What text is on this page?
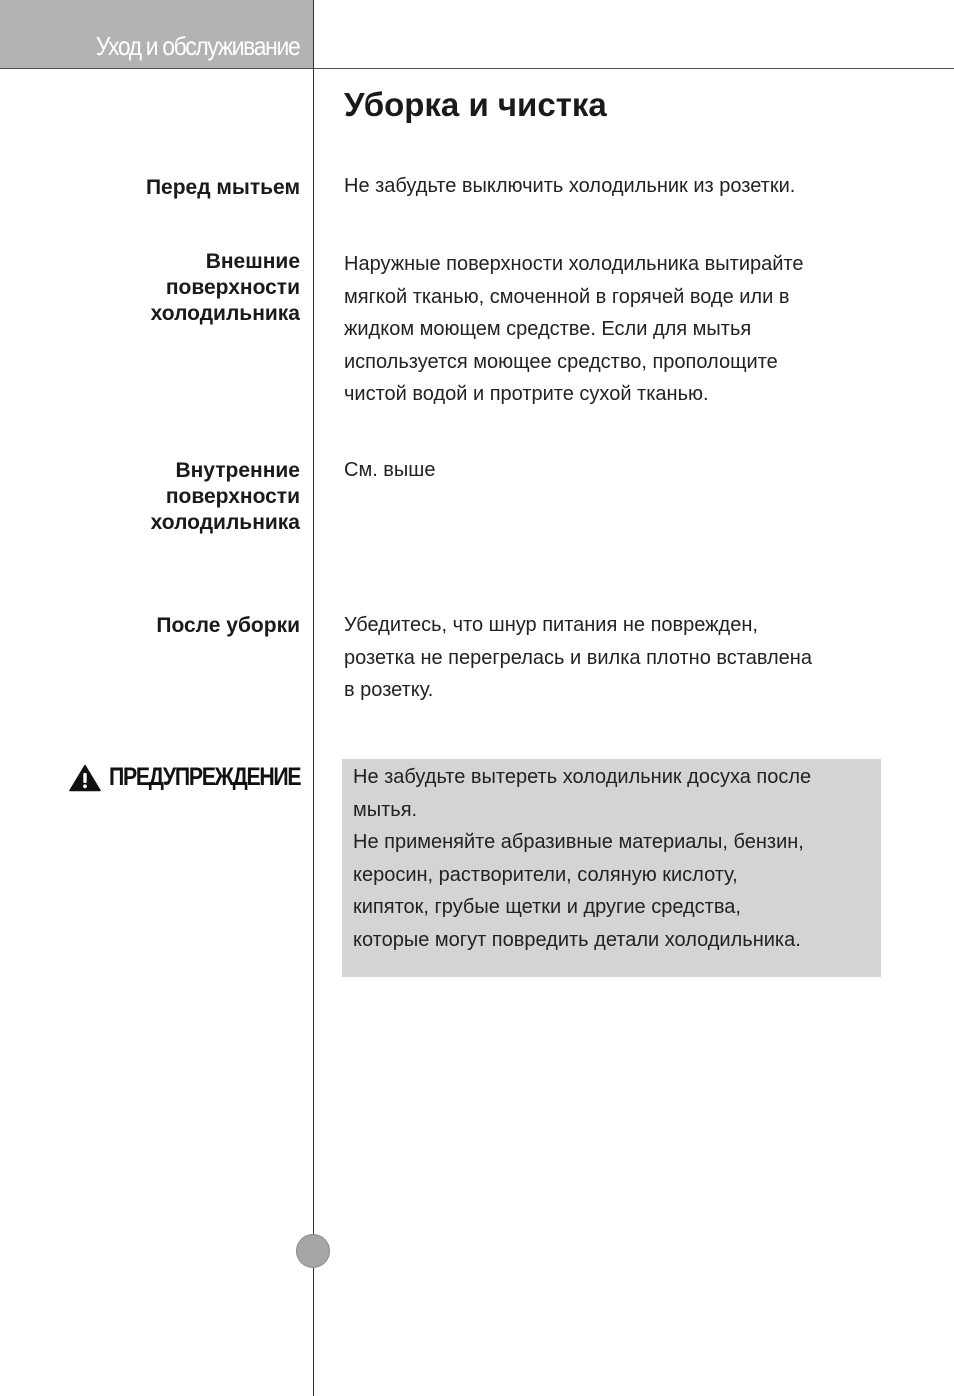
Уход и обслуживание
Уборка и чистка

Перед мытьем Не забудьте выключить холодильник из розетки.

Внешние
поверхности
холодильника

Наружные поверхности холодильника вытирайте
мягкой тканью, смоченной в горячей воде или в
жидком моющем средстве. Если для мытья
используется моющее средство, прополощите
чистой водой и протрите сухой тканью.

Внутренние
поверхности
холодильника

См. выше

После уборки Убедитесь, что шнур питания не поврежден,
розетка не перегрелась и вилка плотно вставлена
в розетку.

ПРЕДУПРЕЖДЕНИЕ	Не забудьте вытереть холодильник досуха после
мытья.
Не применяйте абразивные материалы, бензин,
керосин, растворители, соляную кислоту,
кипяток, грубые щетки и другие средства,
которые могут повредить детали холодильника.
